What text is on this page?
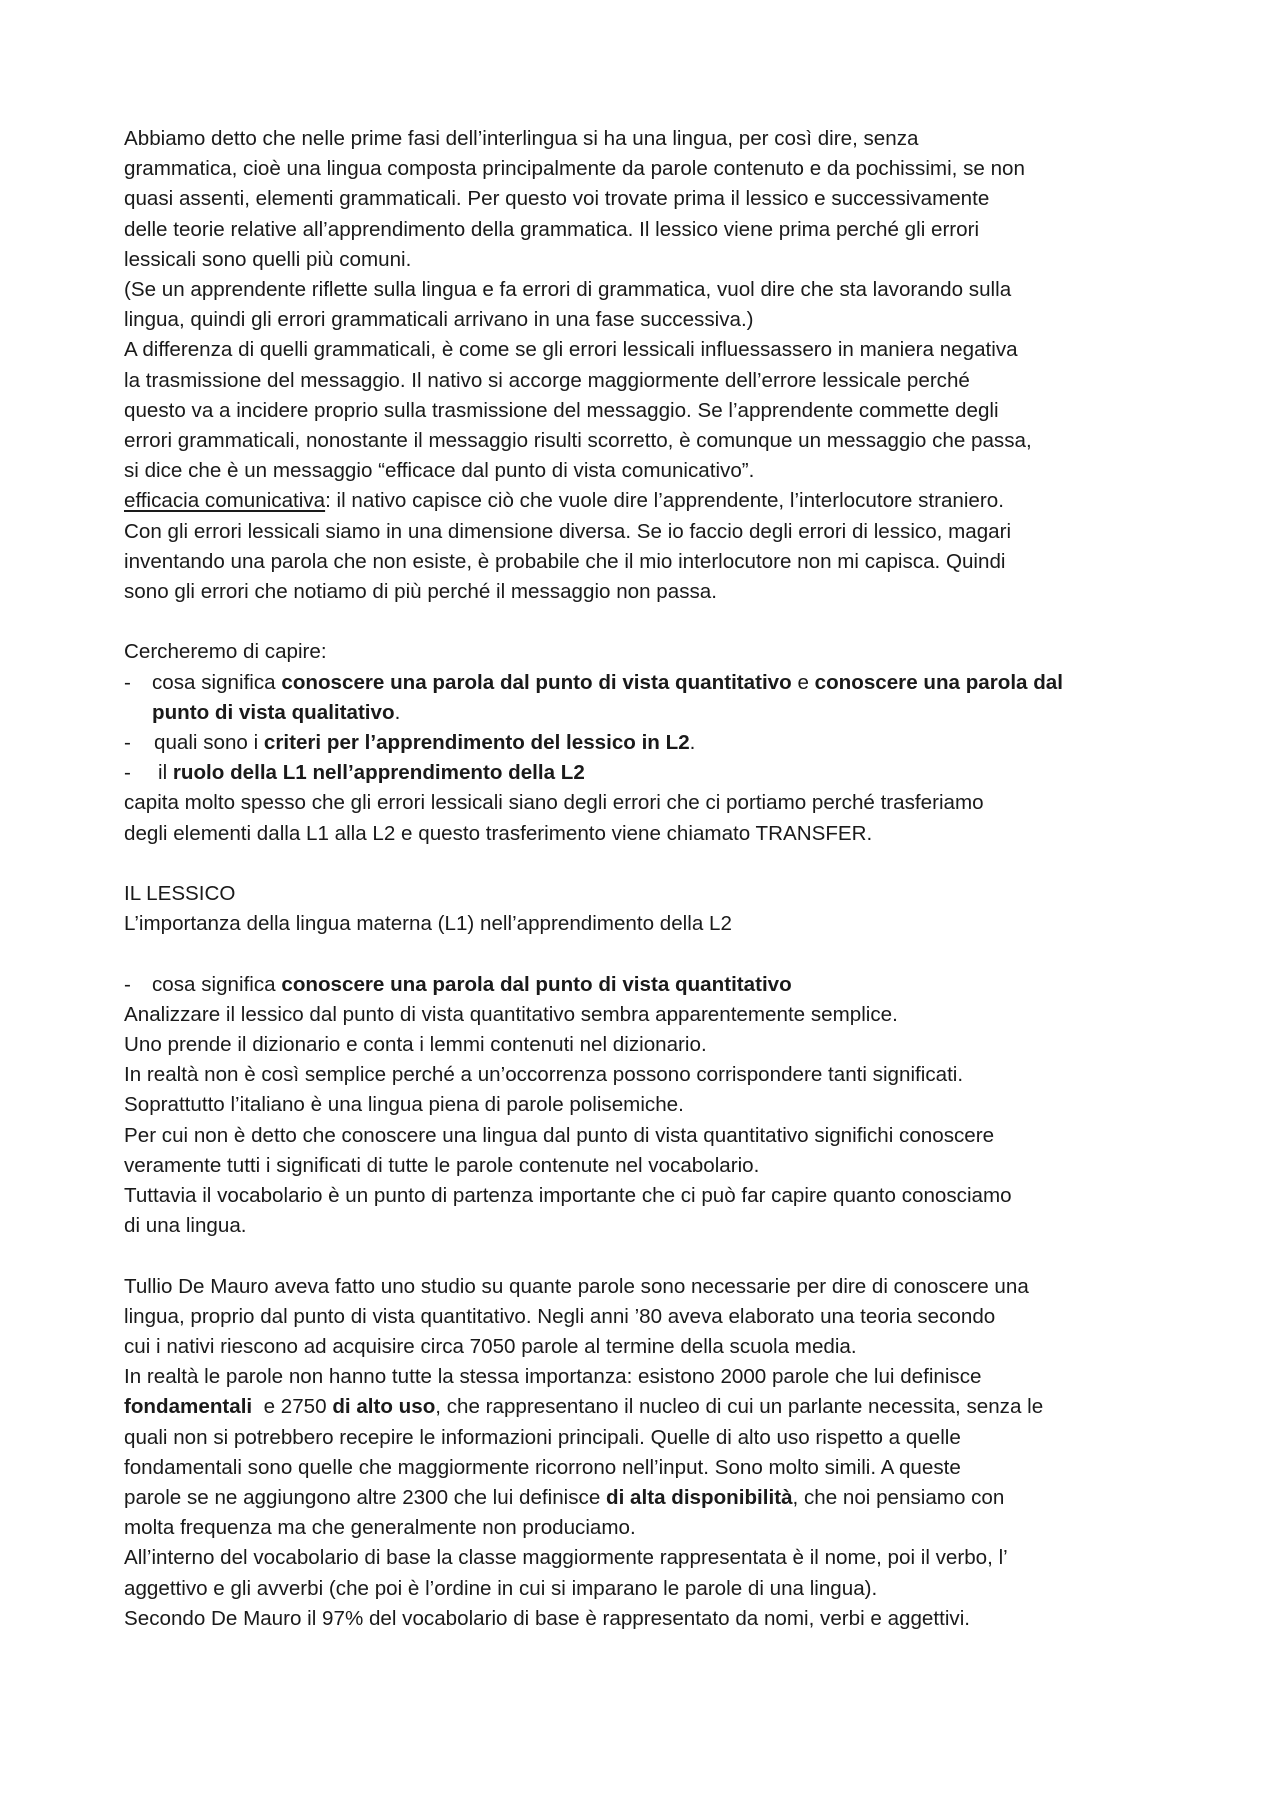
Abbiamo detto che nelle prime fasi dell’interlingua si ha una lingua, per così dire, senza

grammatica, cioè una lingua composta principalmente da parole contenuto e da pochissimi, se non

quasi assenti, elementi grammaticali. Per questo voi trovate prima il lessico e successivamente

delle teorie relative all’apprendimento della grammatica. Il lessico viene prima perché gli errori

lessicali sono quelli più comuni.

(Se un apprendente riflette sulla lingua e fa errori di grammatica, vuol dire che sta lavorando sulla

lingua, quindi gli errori grammaticali arrivano in una fase successiva.)

A differenza di quelli grammaticali, è come se gli errori lessicali influessassero in maniera negativa

la trasmissione del messaggio. Il nativo si accorge maggiormente dell’errore lessicale perché

questo va a incidere proprio sulla trasmissione del messaggio. Se l’apprendente commette degli

errori grammaticali, nonostante il messaggio risulti scorretto, è comunque un messaggio che passa,

si dice che è un messaggio “efficace dal punto di vista comunicativo”.

efficacia comunicativa: il nativo capisce ciò che vuole dire l’apprendente, l’interlocutore straniero.

Con gli errori lessicali siamo in una dimensione diversa. Se io faccio degli errori di lessico, magari

inventando una parola che non esiste, è probabile che il mio interlocutore non mi capisca. Quindi

sono gli errori che notiamo di più perché il messaggio non passa.

Cercheremo di capire:

- cosa significa conoscere una parola dal punto di vista quantitativo e conoscere una parola dal
punto di vista qualitativo.
- quali sono i criteri per l’apprendimento del lessico in L2.
- il ruolo della L1 nell’apprendimento della L2

capita molto spesso che gli errori lessicali siano degli errori che ci portiamo perché trasferiamo

degli elementi dalla L1 alla L2 e questo trasferimento viene chiamato TRANSFER.

IL LESSICO

L’importanza della lingua materna (L1) nell’apprendimento della L2

- cosa significa conoscere una parola dal punto di vista quantitativo

Analizzare il lessico dal punto di vista quantitativo sembra apparentemente semplice.

Uno prende il dizionario e conta i lemmi contenuti nel dizionario.

In realtà non è così semplice perché a un’occorrenza possono corrispondere tanti significati.

Soprattutto l’italiano è una lingua piena di parole polisemiche.

Per cui non è detto che conoscere una lingua dal punto di vista quantitativo significhi conoscere

veramente tutti i significati di tutte le parole contenute nel vocabolario.

Tuttavia il vocabolario è un punto di partenza importante che ci può far capire quanto conosciamo

di una lingua.

Tullio De Mauro aveva fatto uno studio su quante parole sono necessarie per dire di conoscere una

lingua, proprio dal punto di vista quantitativo. Negli anni ’80 aveva elaborato una teoria secondo

cui i nativi riescono ad acquisire circa 7050 parole al termine della scuola media.

In realtà le parole non hanno tutte la stessa importanza: esistono 2000 parole che lui definisce

fondamentali  e 2750 di alto uso, che rappresentano il nucleo di cui un parlante necessita, senza le

quali non si potrebbero recepire le informazioni principali. Quelle di alto uso rispetto a quelle

fondamentali sono quelle che maggiormente ricorrono nell’input. Sono molto simili. A queste

parole se ne aggiungono altre 2300 che lui definisce di alta disponibilità, che noi pensiamo con

molta frequenza ma che generalmente non produciamo.

All’interno del vocabolario di base la classe maggiormente rappresentata è il nome, poi il verbo, l’

aggettivo e gli avverbi (che poi è l’ordine in cui si imparano le parole di una lingua).

Secondo De Mauro il 97% del vocabolario di base è rappresentato da nomi, verbi e aggettivi.
